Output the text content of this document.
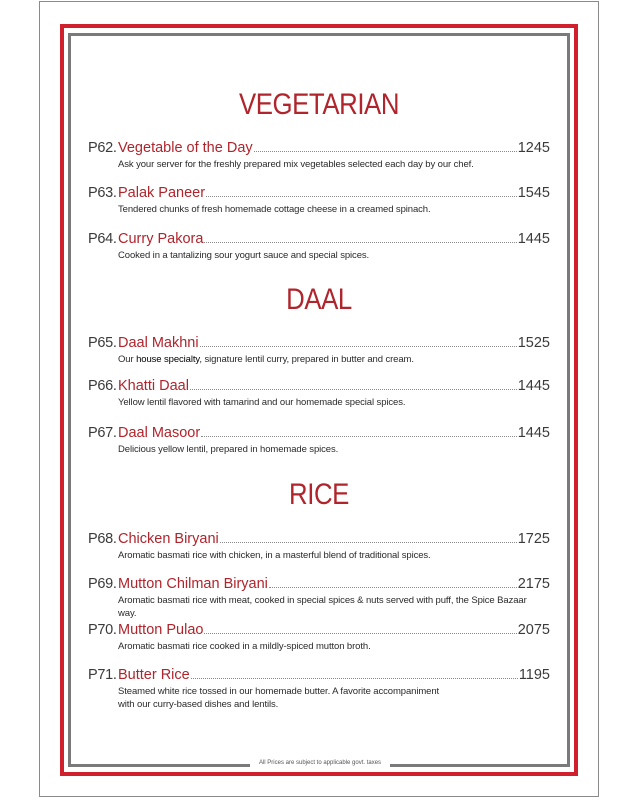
VEGETARIAN
P62. Vegetable of the Day	1245
Ask your server for the freshly prepared mix vegetables selected each day by our chef.
P63. Palak Paneer	1545
Tendered chunks of fresh homemade cottage cheese in a creamed spinach.
P64. Curry Pakora	1445
Cooked in a tantalizing sour yogurt sauce and special spices.
DAAL
P65. Daal Makhni	1525
Our house specialty, signature lentil curry, prepared in butter and cream.
P66. Khatti Daal	1445
Yellow lentil flavored with tamarind and our homemade special spices.
P67. Daal Masoor	1445
Delicious yellow lentil, prepared in homemade spices.
RICE
P68. Chicken Biryani	1725
Aromatic basmati rice with chicken, in a masterful blend of traditional spices.
P69. Mutton Chilman Biryani	2175
Aromatic basmati rice with meat, cooked in special spices & nuts served with puff, the Spice Bazaar way.
P70. Mutton Pulao	2075
Aromatic basmati rice cooked in a mildly-spiced mutton broth.
P71. Butter Rice	1195
Steamed white rice tossed in our homemade butter. A favorite accompaniment with our curry-based dishes and lentils.
All Prices are subject to applicable govt. taxes
